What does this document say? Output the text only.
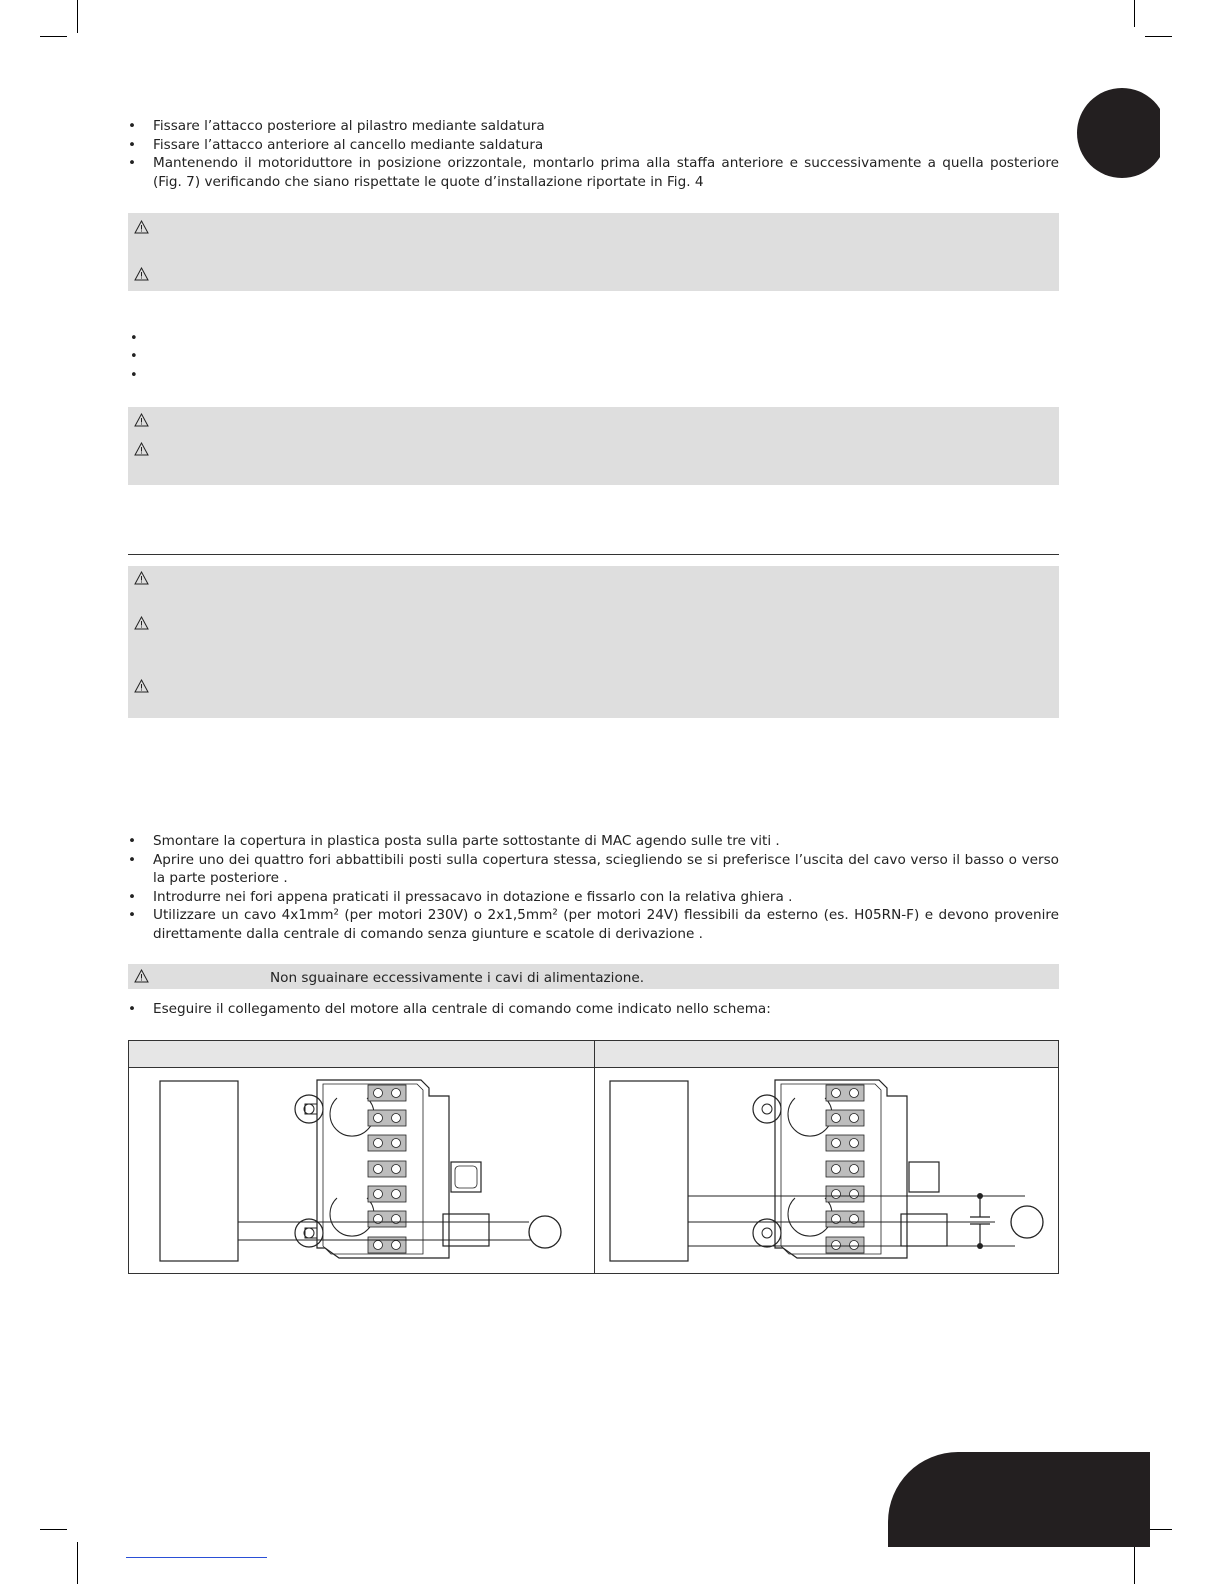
• Fissare l’attacco posteriore al pilastro mediante saldatura
• Fissare l’attacco anteriore al cancello mediante saldatura
• Mantenendo il motoriduttore in posizione orizzontale, montarlo prima alla staffa anteriore e successivamente a quella posteriore (Fig. 7) verificando che siano rispettate le quote d’installazione riportate in Fig. 4
•
•
•
• Smontare la copertura in plastica posta sulla parte sottostante di MAC agendo sulle tre viti .
• Aprire uno dei quattro fori abbattibili posti sulla copertura stessa, sciegliendo se si preferisce l’uscita del cavo verso il basso o verso la parte posteriore .
• Introdurre nei fori appena praticati il pressacavo in dotazione e fissarlo con la relativa ghiera .
• Utilizzare un cavo 4x1mm² (per motori 230V) o 2x1,5mm² (per motori 24V) flessibili da esterno (es. H05RN-F) e devono provenire direttamente dalla centrale di comando senza giunture e scatole di derivazione .
Non sguainare eccessivamente i cavi di alimentazione.
• Eseguire il collegamento del motore alla centrale di comando come indicato nello schema:
